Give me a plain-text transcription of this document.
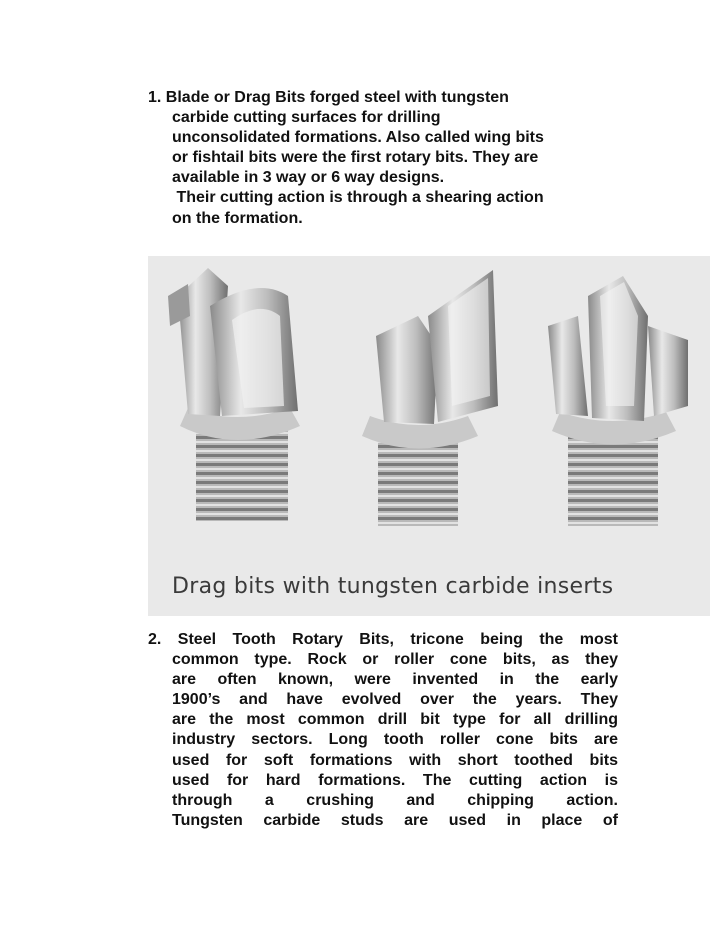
1. Blade or Drag Bits forged steel with tungsten
carbide cutting surfaces for drilling
unconsolidated formations. Also called wing bits
or fishtail bits were the first rotary bits. They are
available in 3 way or 6 way designs.
Their cutting action is through a shearing action
on the formation.
Drag bits with tungsten carbide inserts
2. Steel Tooth Rotary Bits, tricone being the most
common type. Rock or roller cone bits, as they
are often known, were invented in the early
1900’s and have evolved over the years. They
are the most common drill bit type for all drilling
industry sectors. Long tooth roller cone bits are
used for soft formations with short toothed bits
used for hard formations. The cutting action is
through a crushing and chipping action.
Tungsten carbide studs are used in place of
